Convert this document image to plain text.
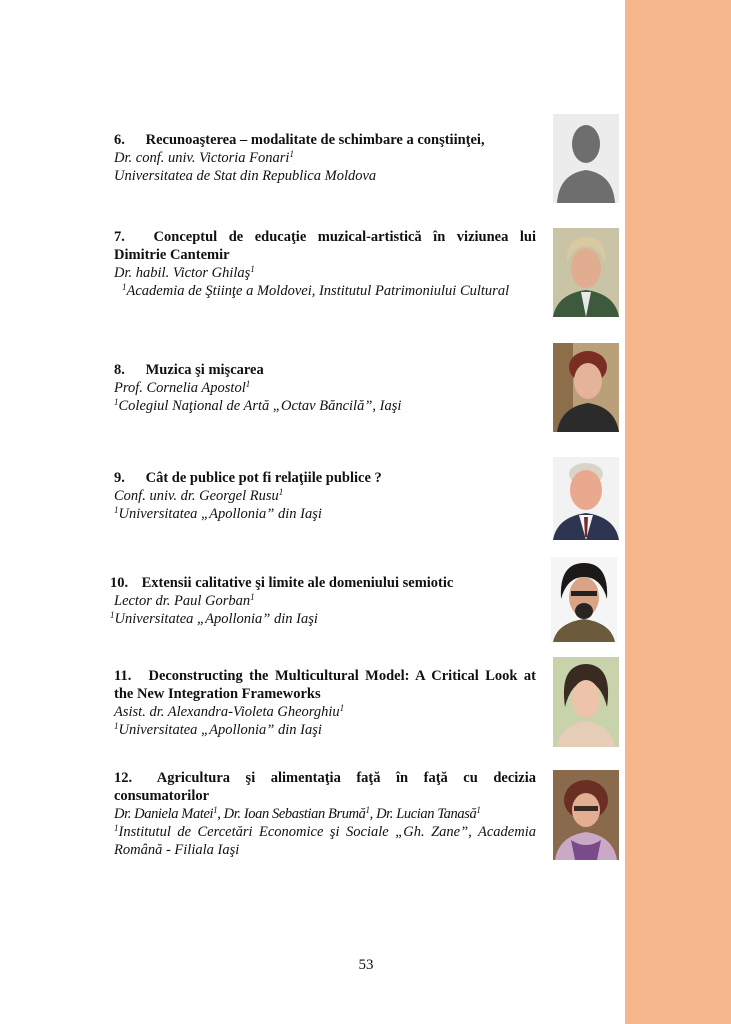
6. Recunoaşterea – modalitate de schimbare a conştiinţei,
Dr. conf. univ. Victoria Fonari$^1$
Universitatea de Stat din Republica Moldova
7. Conceptul de educaţie muzical-artistică în viziunea lui Dimitrie Cantemir
Dr. habil. Victor Ghilaş$^1$
$^1$Academia de Ştiinţe a Moldovei, Institutul Patrimoniului Cultural
8. Muzica şi mişcarea
Prof. Cornelia Apostol$^1$
$^1$Colegiul Naţional de Artă „Octav Băncilă”, Iaşi
9. Cât de publice pot fi relaţiile publice ?
Conf. univ. dr. Georgel Rusu$^1$
$^1$Universitatea „Apollonia” din Iaşi
10. Extensii calitative şi limite ale domeniului semiotic
Lector dr. Paul Gorban$^1$
$^1$Universitatea „Apollonia” din Iaşi
11. Deconstructing the Multicultural Model: A Critical Look at the New Integration Frameworks
Asist. dr. Alexandra-Violeta Gheorghiu$^1$
$^1$Universitatea „Apollonia” din Iaşi
12. Agricultura şi alimentaţia faţă în faţă cu decizia consumatorilor
Dr. Daniela Matei$^1$, Dr. Ioan Sebastian Brumă$^1$, Dr. Lucian Tanasă$^1$
$^1$Institutul de Cercetări Economice şi Sociale „Gh. Zane”, Academia Română - Filiala Iaşi
53
